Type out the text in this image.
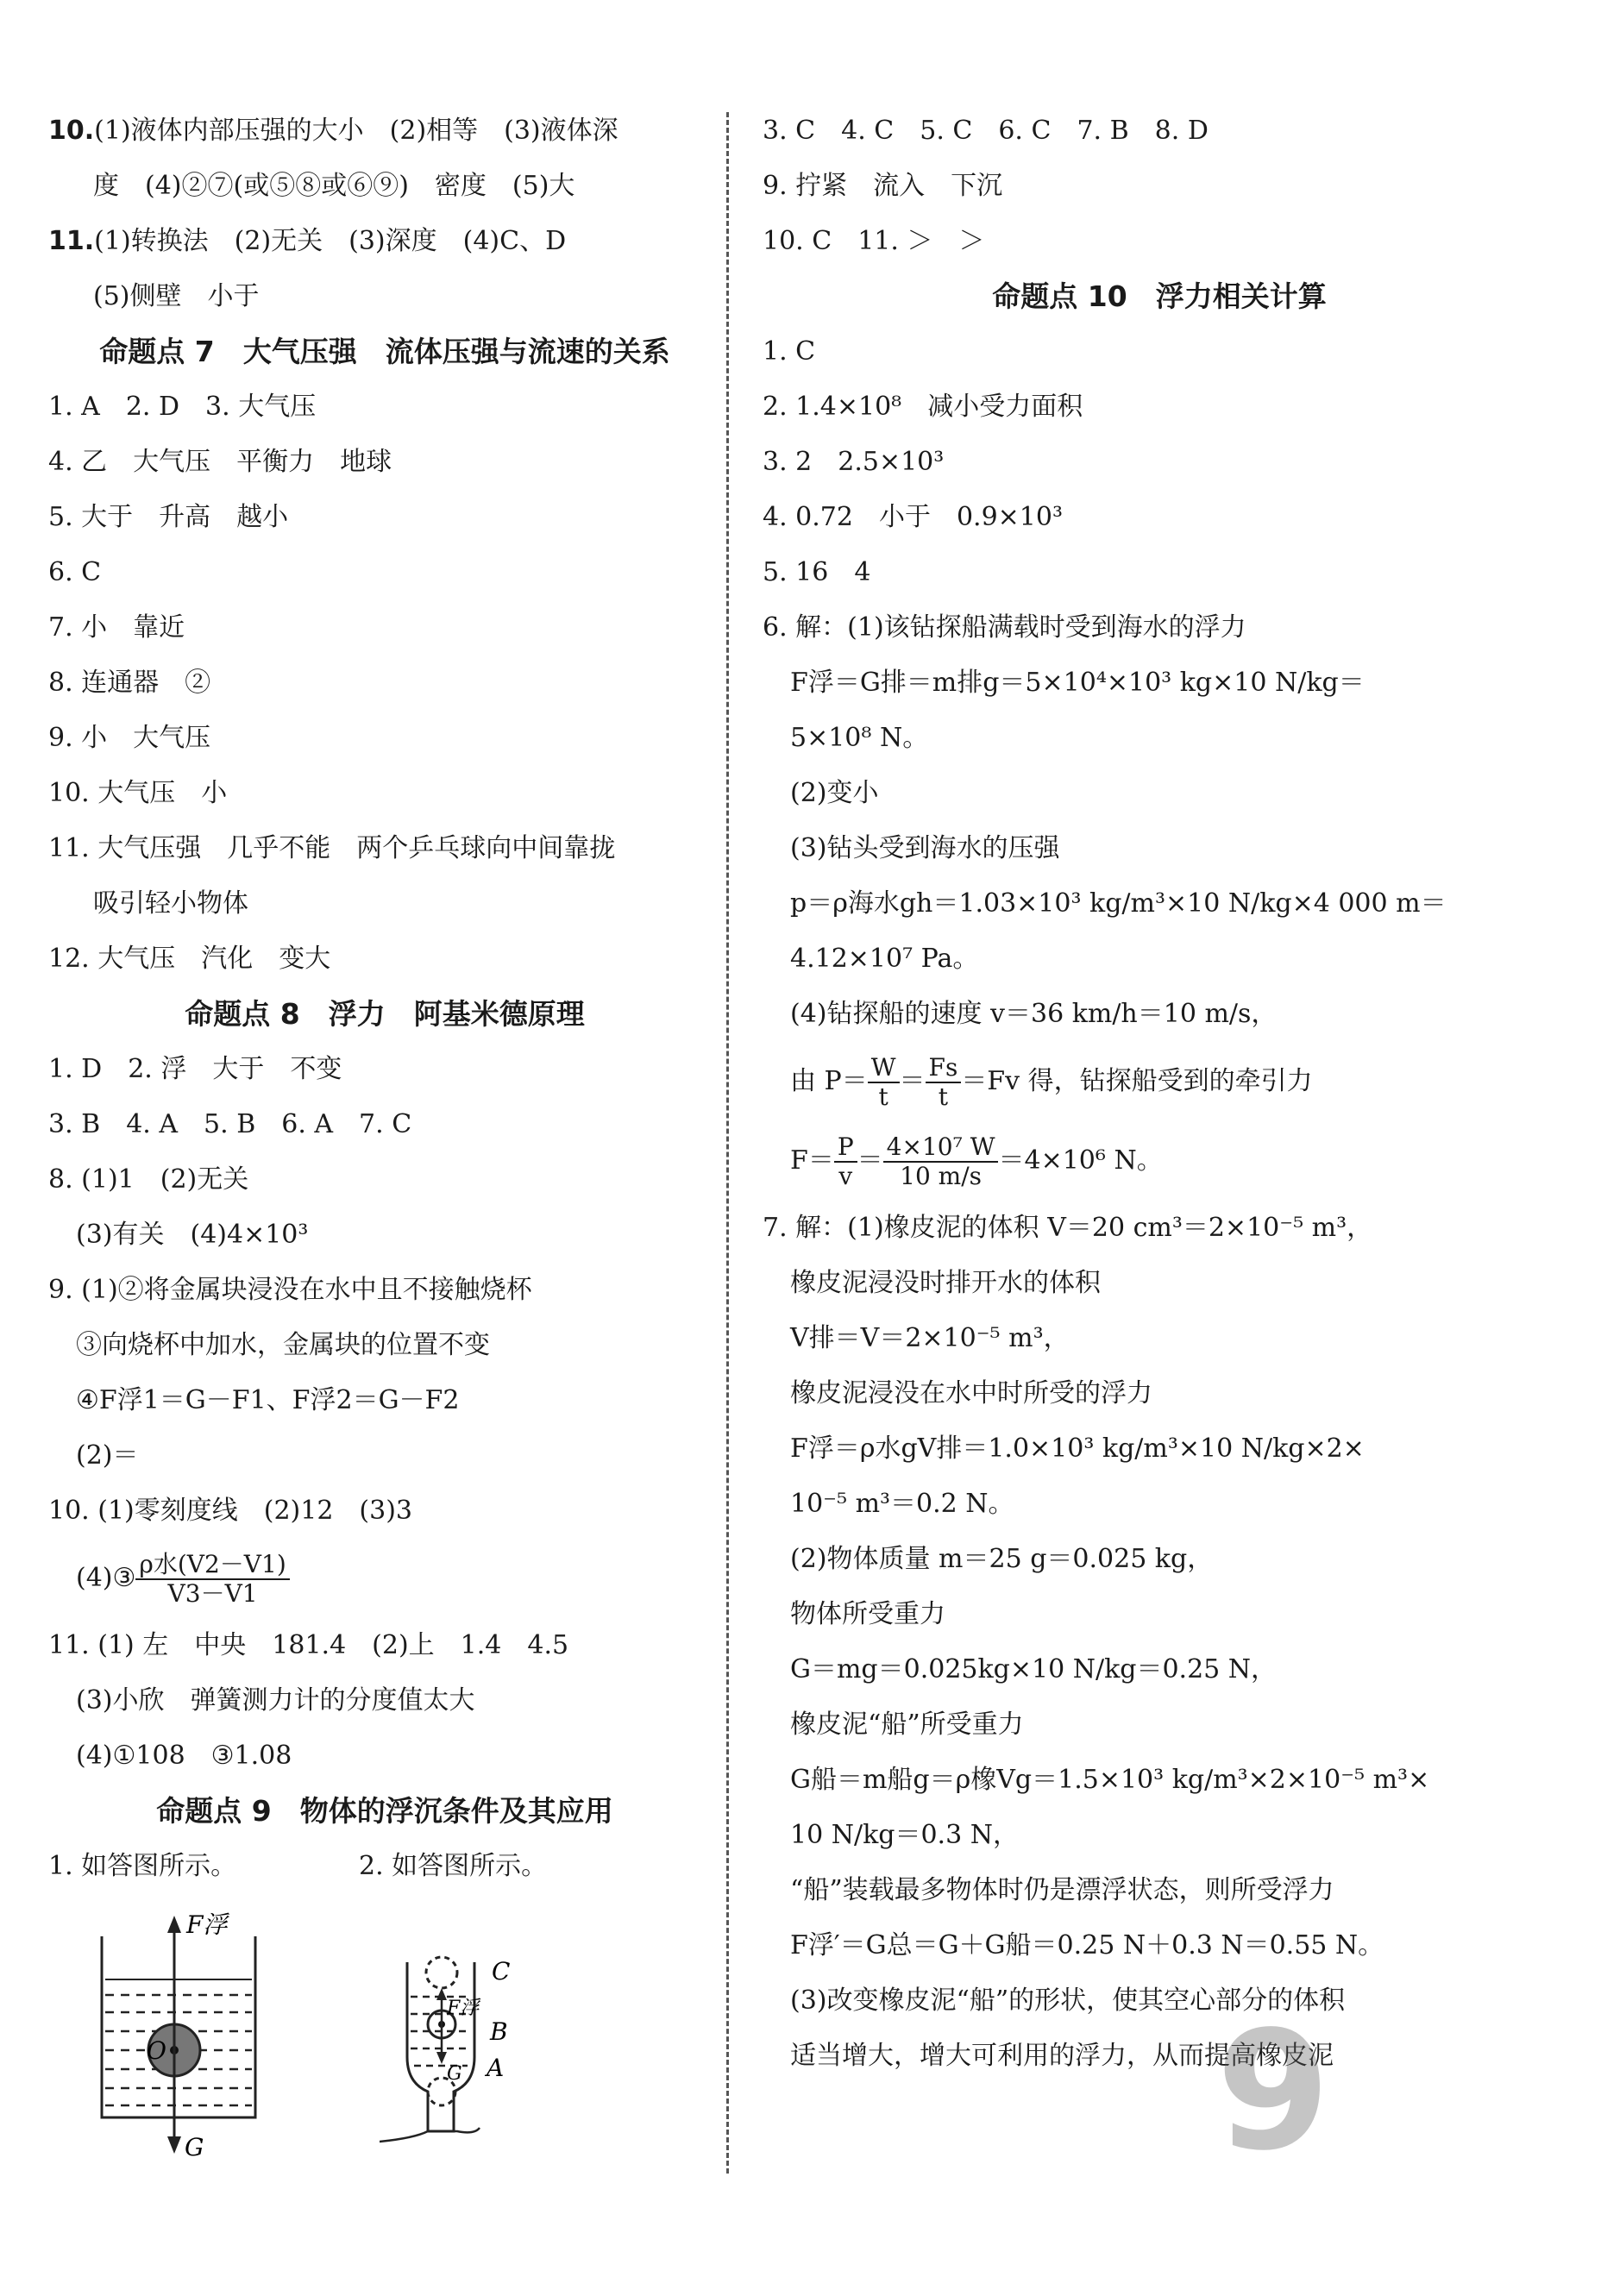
10.(1)液体内部压强的大小　(2)相等　(3)液体深
度　(4)②⑦(或⑤⑧或⑥⑨)　密度　(5)大
11.(1)转换法　(2)无关　(3)深度　(4)C、D
(5)侧壁　小于
命题点 7　大气压强　流体压强与流速的关系
1. A　2. D　3. 大气压
4. 乙　大气压　平衡力　地球
5. 大于　升高　越小
6. C
7. 小　靠近
8. 连通器　②
9. 小　大气压
10. 大气压　小
11. 大气压强　几乎不能　两个乒乓球向中间靠拢
吸引轻小物体
12. 大气压　汽化　变大
命题点 8　浮力　阿基米德原理
1. D　2. 浮　大于　不变
3. B　4. A　5. B　6. A　7. C
8. (1)1　(2)无关
(3)有关　(4)4×10³
9. (1)②将金属块浸没在水中且不接触烧杯
③向烧杯中加水，金属块的位置不变
④F浮1＝G－F1、F浮2＝G－F2
(2)＝
10. (1)零刻度线　(2)12　(3)3
(4)③ $\frac{\text{ρ水(V2－V1)}}{V3-V1}$
11. (1) 左　中央　181.4　(2)上　1.4　4.5
(3)小欣　弹簧测力计的分度值太大
(4)①108　③1.08
命题点 9　物体的浮沉条件及其应用
1. 如答图所示。	2. 如答图所示。
F浮
O
G
C
F浮
B
G A
3. C　4. C　5. C　6. C　7. B　8. D
9. 拧紧　流入　下沉
10. C　11. ＞　＞
命题点 10　浮力相关计算
1. C
2. 1.4×10⁸　减小受力面积
3. 2　2.5×10³
4. 0.72　小于　0.9×10³
5. 16　4
6. 解：(1)该钻探船满载时受到海水的浮力
F浮＝G排＝m排g＝5×10⁴×10³ kg×10 N/kg＝
5×10⁸ N。
(2)变小
(3)钻头受到海水的压强
p＝ρ海水gh＝1.03×10³ kg/m³×10 N/kg×4 000 m＝
4.12×10⁷ Pa。
(4)钻探船的速度 v＝36 km/h＝10 m/s，
由 $P= \frac{W}{t} = \frac{Fs}{t} =Fv$ 得，钻探船受到的牵引力
$F= \frac{P}{v} = \frac{\text{4×10⁷ W}}{10 m/s} =4\times 10^6$ N。
7. 解：(1)橡皮泥的体积 V＝20 cm³＝2×10⁻⁵ m³，
橡皮泥浸没时排开水的体积
V排＝V＝2×10⁻⁵ m³，
橡皮泥浸没在水中时所受的浮力
F浮＝ρ水gV排＝1.0×10³ kg/m³×10 N/kg×2×
10⁻⁵ m³＝0.2 N。
(2)物体质量 m＝25 g＝0.025 kg，
物体所受重力
G＝mg＝0.025kg×10 N/kg＝0.25 N，
橡皮泥“船”所受重力
G船＝m船g＝ρ橡Vg＝1.5×10³ kg/m³×2×10⁻⁵ m³×
10 N/kg＝0.3 N，
“船”装载最多物体时仍是漂浮状态，则所受浮力
F浮′＝G总＝G＋G船＝0.25 N＋0.3 N＝0.55 N。
(3)改变橡皮泥“船”的形状，使其空心部分的体积
适当增大，增大可利用的浮力，从而提高橡皮泥
9
